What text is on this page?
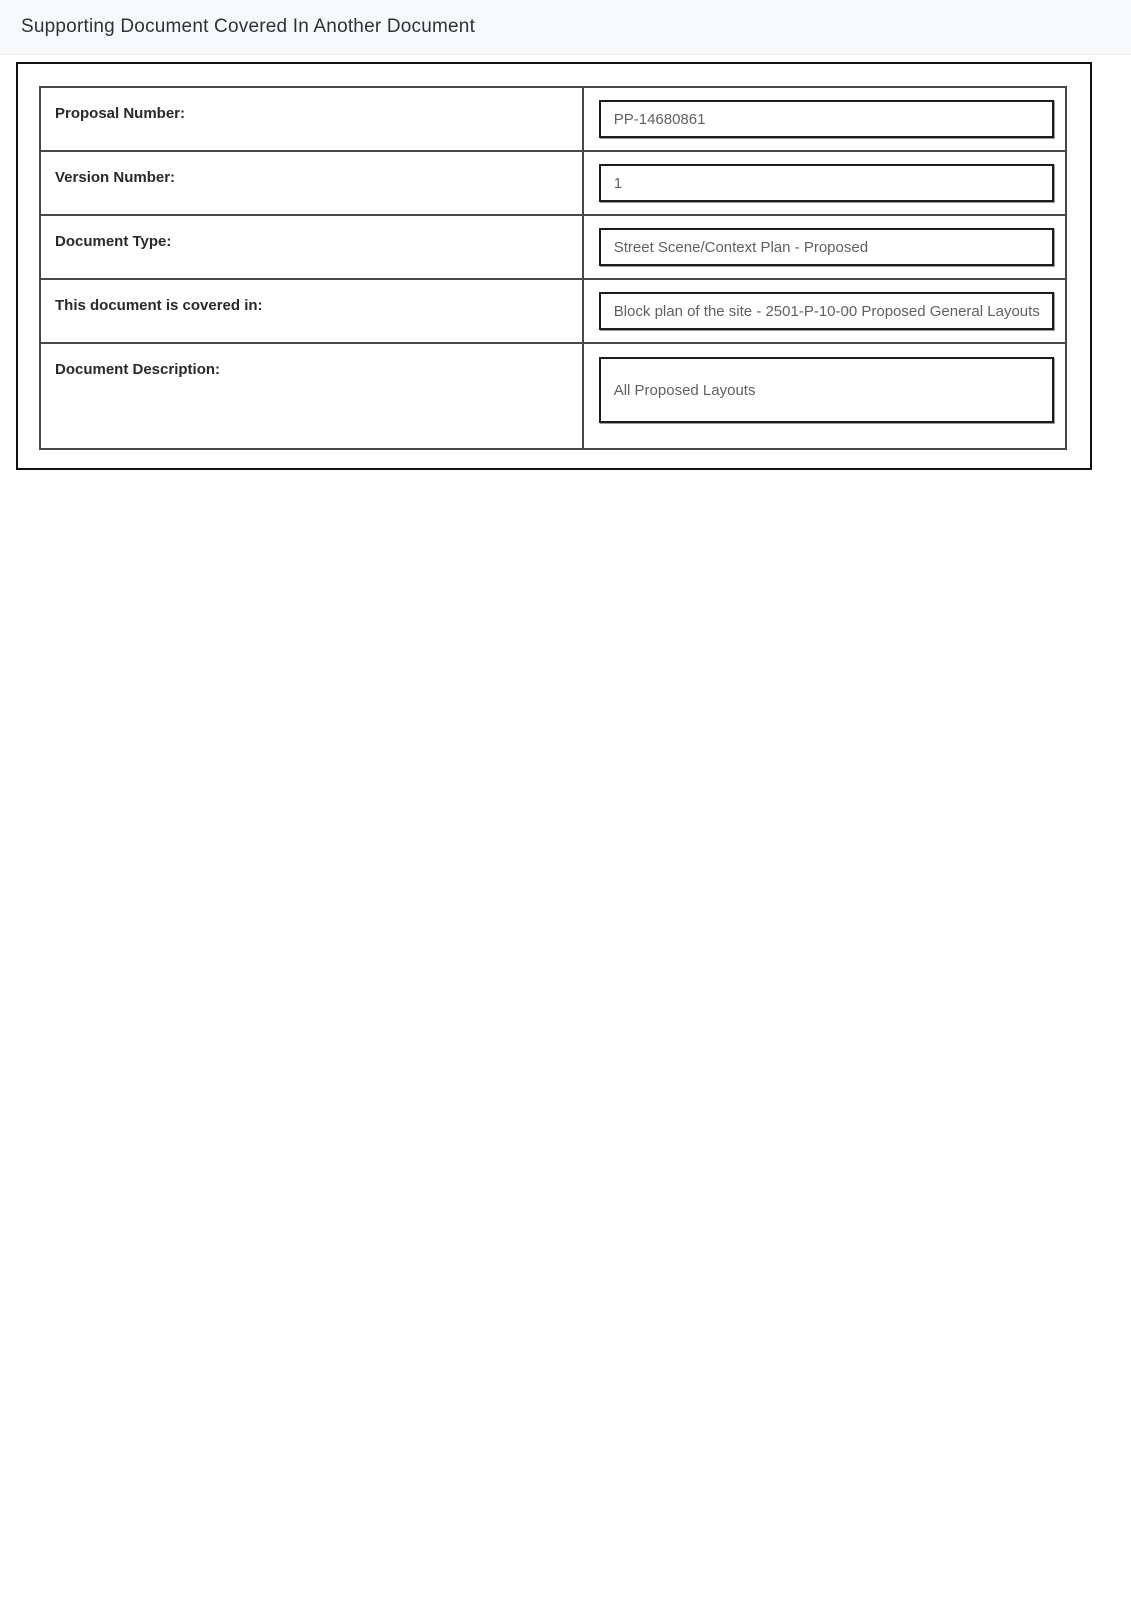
Supporting Document Covered In Another Document
Proposal Number:	PP-14680861
Version Number:	1
Document Type:	Street Scene/Context Plan - Proposed
This document is covered in:	Block plan of the site - 2501-P-10-00 Proposed General Layouts
Document Description:
All Proposed Layouts
